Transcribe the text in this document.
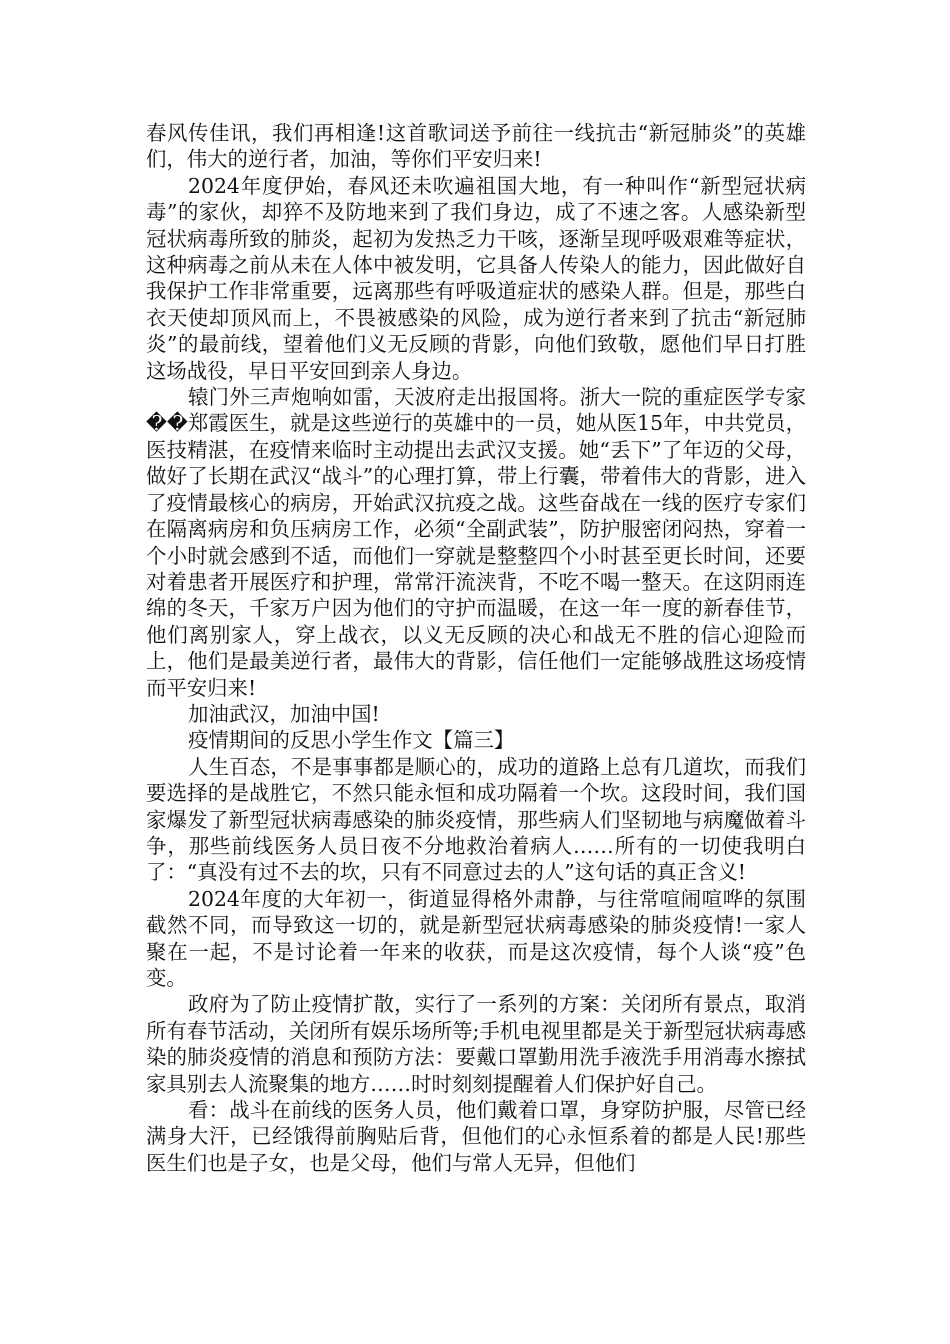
春风传佳讯，我们再相逢!这首歌词送予前往一线抗击“新冠肺炎”的英雄们，伟大的逆行者，加油，等你们平安归来!

2024年度伊始，春风还未吹遍祖国大地，有一种叫作“新型冠状病毒”的家伙，却猝不及防地来到了我们身边，成了不速之客。人感染新型冠状病毒所致的肺炎，起初为发热乏力干咳，逐渐呈现呼吸艰难等症状，这种病毒之前从未在人体中被发明，它具备人传染人的能力，因此做好自我保护工作非常重要，远离那些有呼吸道症状的感染人群。但是，那些白衣天使却顶风而上，不畏被感染的风险，成为逆行者来到了抗击“新冠肺炎”的最前线，望着他们义无反顾的背影，向他们致敬，愿他们早日打胜这场战役，早日平安回到亲人身边。

辕门外三声炮响如雷，天波府走出报国将。浙大一院的重症医学专家��郑霞医生，就是这些逆行的英雄中的一员，她从医15年，中共党员，医技精湛，在疫情来临时主动提出去武汉支援。她“丢下”了年迈的父母，做好了长期在武汉“战斗”的心理打算，带上行囊，带着伟大的背影，进入了疫情最核心的病房，开始武汉抗疫之战。这些奋战在一线的医疗专家们在隔离病房和负压病房工作，必须“全副武装”，防护服密闭闷热，穿着一个小时就会感到不适，而他们一穿就是整整四个小时甚至更长时间，还要对着患者开展医疗和护理，常常汗流浃背，不吃不喝一整天。在这阴雨连绵的冬天，千家万户因为他们的守护而温暖，在这一年一度的新春佳节，他们离别家人，穿上战衣，以义无反顾的决心和战无不胜的信心迎险而上，他们是最美逆行者，最伟大的背影，信任他们一定能够战胜这场疫情而平安归来!

加油武汉，加油中国!

疫情期间的反思小学生作文【篇三】

人生百态，不是事事都是顺心的，成功的道路上总有几道坎，而我们要选择的是战胜它，不然只能永恒和成功隔着一个坎。这段时间，我们国家爆发了新型冠状病毒感染的肺炎疫情，那些病人们坚韧地与病魔做着斗争，那些前线医务人员日夜不分地救治着病人……所有的一切使我明白了：“真没有过不去的坎，只有不同意过去的人”这句话的真正含义!

2024年度的大年初一，街道显得格外肃静，与往常喧闹喧哗的氛围截然不同，而导致这一切的，就是新型冠状病毒感染的肺炎疫情!一家人聚在一起，不是讨论着一年来的收获，而是这次疫情，每个人谈“疫”色变。

政府为了防止疫情扩散，实行了一系列的方案：关闭所有景点，取消所有春节活动，关闭所有娱乐场所等;手机电视里都是关于新型冠状病毒感染的肺炎疫情的消息和预防方法：要戴口罩勤用洗手液洗手用消毒水擦拭家具别去人流聚集的地方……时时刻刻提醒着人们保护好自己。

看：战斗在前线的医务人员，他们戴着口罩，身穿防护服，尽管已经满身大汗，已经饿得前胸贴后背，但他们的心永恒系着的都是人民!那些医生们也是子女，也是父母，他们与常人无异，但他们
